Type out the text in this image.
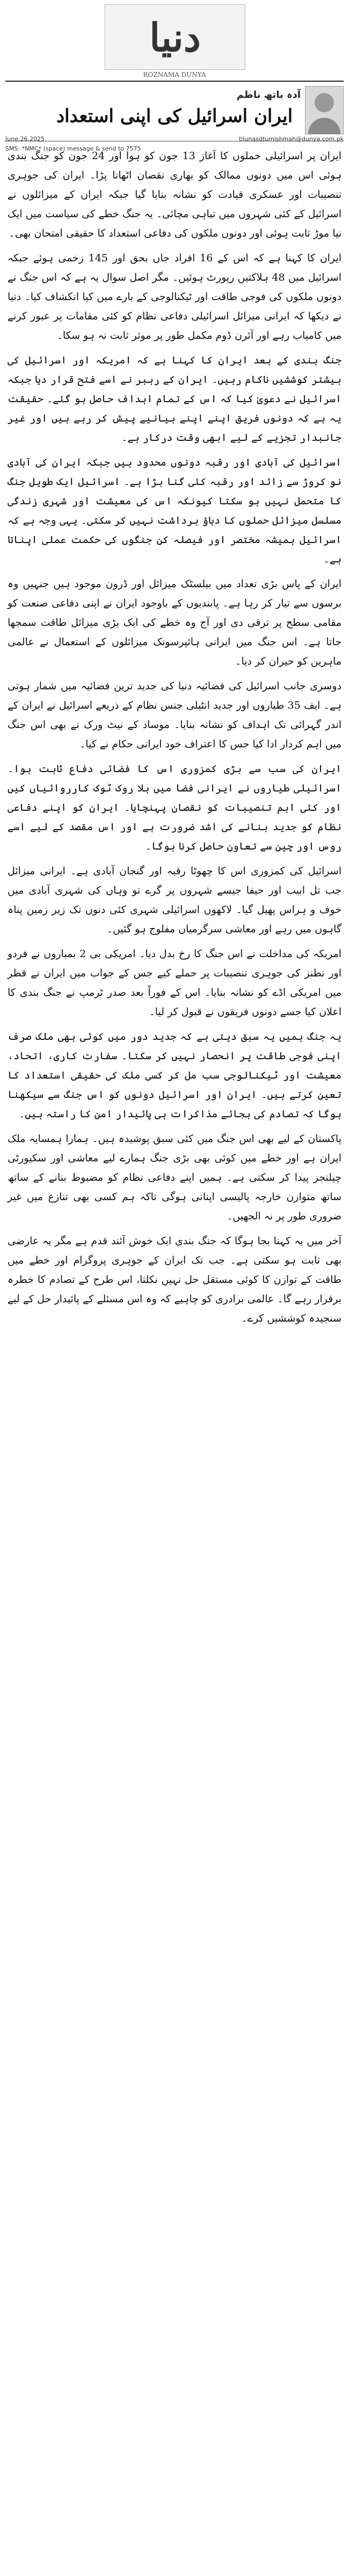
دنیا
ROZNAMA DUNYA
آدہ باتھ ناظم
ایران اسرائیل کی اپنی استعداد
June,26,2025	tilunasdtumishmah@dunya.com.pk
SMS: *NMC* (space) message & send to 7575

ایران پر اسرائیلی حملوں کا آغاز 13 جون کو ہوا اور 24 جون کو جنگ بندی ہوئی اس میں دونوں ممالک کو بھاری نقصان اٹھانا پڑا۔ ایران کی جوہری تنصیبات اور عسکری قیادت کو نشانہ بنایا گیا جبکہ ایران کے میزائلوں نے اسرائیل کے کئی شہروں میں تباہی مچائی۔ یہ جنگ خطے کی سیاست میں ایک نیا موڑ ثابت ہوئی اور دونوں ملکوں کی دفاعی استعداد کا حقیقی امتحان بھی۔

ایران کا کہنا ہے کہ اس کے 16 افراد جاں بحق اور 145 زخمی ہوئے جبکہ اسرائیل میں 48 ہلاکتیں رپورٹ ہوئیں۔ مگر اصل سوال یہ ہے کہ اس جنگ نے دونوں ملکوں کی فوجی طاقت اور ٹیکنالوجی کے بارے میں کیا انکشاف کیا۔ دنیا نے دیکھا کہ ایرانی میزائل اسرائیلی دفاعی نظام کو کئی مقامات پر عبور کرنے میں کامیاب رہے اور آئرن ڈوم مکمل طور پر موثر ثابت نہ ہو سکا۔

جنگ بندی کے بعد ایران کا کہنا ہے کہ امریکہ اور اسرائیل کی بیشتر کوششیں ناکام رہیں۔ ایران کے رہبر نے اسے فتح قرار دیا جبکہ اسرائیل نے دعویٰ کیا کہ اس کے تمام اہداف حاصل ہو گئے۔ حقیقت یہ ہے کہ دونوں فریق اپنے اپنے بیانیے پیش کر رہے ہیں اور غیر جانبدار تجزیے کے لیے ابھی وقت درکار ہے۔

اسرائیل کی آبادی اور رقبہ دونوں محدود ہیں جبکہ ایران کی آبادی نو کروڑ سے زائد اور رقبہ کئی گنا بڑا ہے۔ اسرائیل ایک طویل جنگ کا متحمل نہیں ہو سکتا کیونکہ اس کی معیشت اور شہری زندگی مسلسل میزائل حملوں کا دباؤ برداشت نہیں کر سکتی۔ یہی وجہ ہے کہ اسرائیل ہمیشہ مختصر اور فیصلہ کن جنگوں کی حکمت عملی اپناتا ہے۔

ایران کے پاس بڑی تعداد میں بیلسٹک میزائل اور ڈرون موجود ہیں جنہیں وہ برسوں سے تیار کر رہا ہے۔ پابندیوں کے باوجود ایران نے اپنی دفاعی صنعت کو مقامی سطح پر ترقی دی اور آج وہ خطے کی ایک بڑی میزائل طاقت سمجھا جاتا ہے۔ اس جنگ میں ایرانی ہائپرسونک میزائلوں کے استعمال نے عالمی ماہرین کو حیران کر دیا۔

دوسری جانب اسرائیل کی فضائیہ دنیا کی جدید ترین فضائیہ میں شمار ہوتی ہے۔ ایف 35 طیاروں اور جدید انٹیلی جنس نظام کے ذریعے اسرائیل نے ایران کے اندر گہرائی تک اہداف کو نشانہ بنایا۔ موساد کے نیٹ ورک نے بھی اس جنگ میں اہم کردار ادا کیا جس کا اعتراف خود ایرانی حکام نے کیا۔

ایران کی سب سے بڑی کمزوری اس کا فضائی دفاع ثابت ہوا۔ اسرائیلی طیاروں نے ایرانی فضا میں بلا روک ٹوک کارروائیاں کیں اور کئی اہم تنصیبات کو نقصان پہنچایا۔ ایران کو اپنے دفاعی نظام کو جدید بنانے کی اشد ضرورت ہے اور اس مقصد کے لیے اسے روس اور چین سے تعاون حاصل کرنا ہوگا۔

اسرائیل کی کمزوری اس کا چھوٹا رقبہ اور گنجان آبادی ہے۔ ایرانی میزائل جب تل ابیب اور حیفا جیسے شہروں پر گرے تو وہاں کی شہری آبادی میں خوف و ہراس پھیل گیا۔ لاکھوں اسرائیلی شہری کئی دنوں تک زیر زمین پناہ گاہوں میں رہے اور معاشی سرگرمیاں مفلوج ہو گئیں۔

امریکہ کی مداخلت نے اس جنگ کا رخ بدل دیا۔ امریکی بی 2 بمباروں نے فردو اور نطنز کی جوہری تنصیبات پر حملے کیے جس کے جواب میں ایران نے قطر میں امریکی اڈے کو نشانہ بنایا۔ اس کے فوراً بعد صدر ٹرمپ نے جنگ بندی کا اعلان کیا جسے دونوں فریقوں نے قبول کر لیا۔

یہ جنگ ہمیں یہ سبق دیتی ہے کہ جدید دور میں کوئی بھی ملک صرف اپنی فوجی طاقت پر انحصار نہیں کر سکتا۔ سفارت کاری، اتحاد، معیشت اور ٹیکنالوجی سب مل کر کسی ملک کی حقیقی استعداد کا تعین کرتے ہیں۔ ایران اور اسرائیل دونوں کو اس جنگ سے سیکھنا ہوگا کہ تصادم کی بجائے مذاکرات ہی پائیدار امن کا راستہ ہیں۔

پاکستان کے لیے بھی اس جنگ میں کئی سبق پوشیدہ ہیں۔ ہمارا ہمسایہ ملک ایران ہے اور خطے میں کوئی بھی بڑی جنگ ہمارے لیے معاشی اور سکیورٹی چیلنجز پیدا کر سکتی ہے۔ ہمیں اپنے دفاعی نظام کو مضبوط بنانے کے ساتھ ساتھ متوازن خارجہ پالیسی اپنانی ہوگی تاکہ ہم کسی بھی تنازع میں غیر ضروری طور پر نہ الجھیں۔

آخر میں یہ کہنا بجا ہوگا کہ جنگ بندی ایک خوش آئند قدم ہے مگر یہ عارضی بھی ثابت ہو سکتی ہے۔ جب تک ایران کے جوہری پروگرام اور خطے میں طاقت کے توازن کا کوئی مستقل حل نہیں نکلتا، اس طرح کے تصادم کا خطرہ برقرار رہے گا۔ عالمی برادری کو چاہیے کہ وہ اس مسئلے کے پائیدار حل کے لیے سنجیدہ کوششیں کرے۔
